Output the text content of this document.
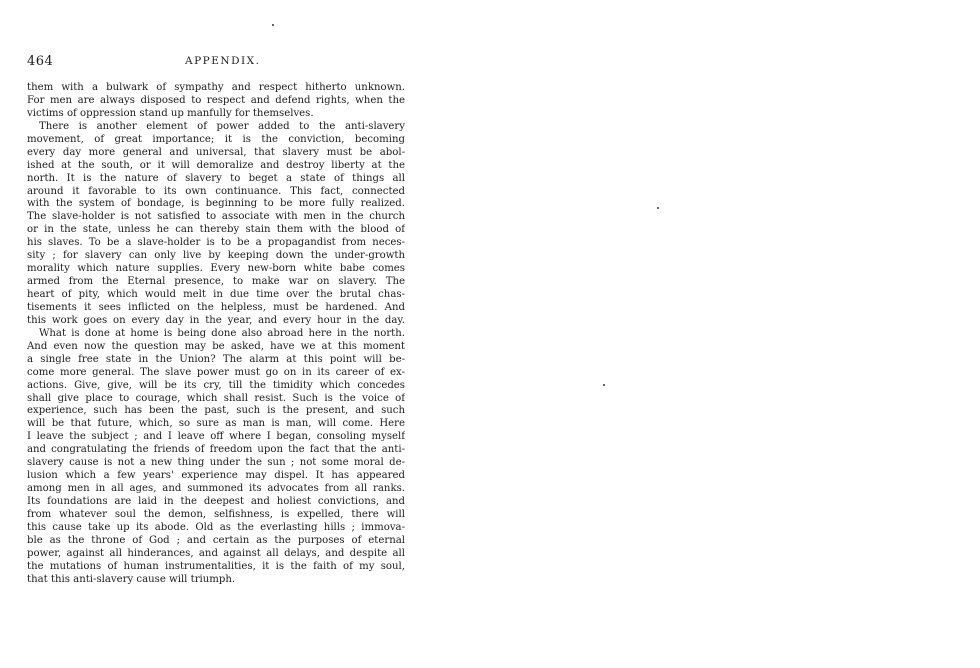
464	APPENDIX.
them with a bulwark of sympathy and respect hitherto unknown.
For men are always disposed to respect and defend rights, when the
victims of oppression stand up manfully for themselves.
There is another element of power added to the anti-slavery
movement, of great importance; it is the conviction, becoming
every day more general and universal, that slavery must be abol-
ished at the south, or it will demoralize and destroy liberty at the
north. It is the nature of slavery to beget a state of things all
around it favorable to its own continuance. This fact, connected
with the system of bondage, is beginning to be more fully realized.
The slave-holder is not satisfied to associate with men in the church
or in the state, unless he can thereby stain them with the blood of
his slaves. To be a slave-holder is to be a propagandist from neces-
sity ; for slavery can only live by keeping down the under-growth
morality which nature supplies. Every new-born white babe comes
armed from the Eternal presence, to make war on slavery. The
heart of pity, which would melt in due time over the brutal chas-
tisements it sees inflicted on the helpless, must be hardened. And
this work goes on every day in the year, and every hour in the day.
What is done at home is being done also abroad here in the north.
And even now the question may be asked, have we at this moment
a single free state in the Union? The alarm at this point will be-
come more general. The slave power must go on in its career of ex-
actions. Give, give, will be its cry, till the timidity which concedes
shall give place to courage, which shall resist. Such is the voice of
experience, such has been the past, such is the present, and such
will be that future, which, so sure as man is man, will come. Here
I leave the subject ; and I leave off where I began, consoling myself
and congratulating the friends of freedom upon the fact that the anti-
slavery cause is not a new thing under the sun ; not some moral de-
lusion which a few years' experience may dispel. It has appeared
among men in all ages, and summoned its advocates from all ranks.
Its foundations are laid in the deepest and holiest convictions, and
from whatever soul the demon, selfishness, is expelled, there will
this cause take up its abode. Old as the everlasting hills ; immova-
ble as the throne of God ; and certain as the purposes of eternal
power, against all hinderances, and against all delays, and despite all
the mutations of human instrumentalities, it is the faith of my soul,
that this anti-slavery cause will triumph.
